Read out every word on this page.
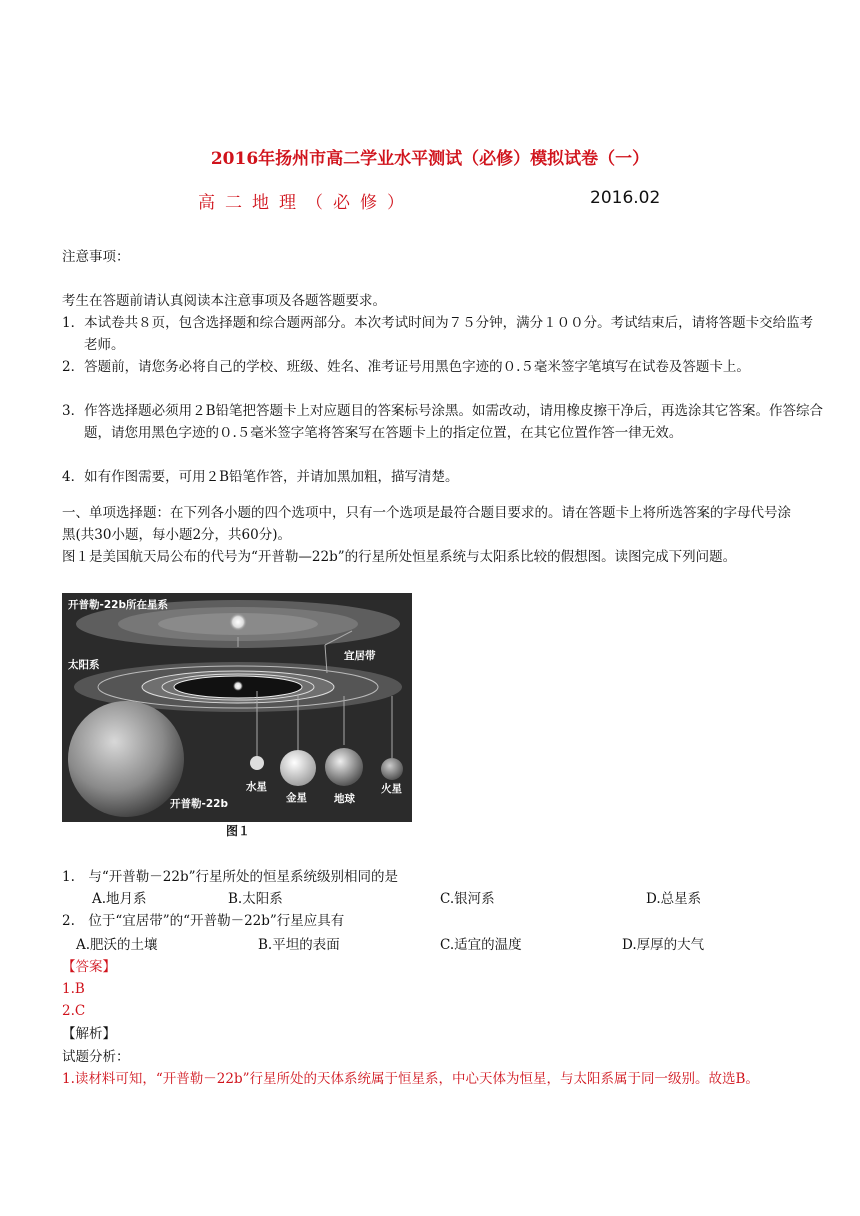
2016年扬州市高二学业水平测试（必修）模拟试卷（一）
高二地理（必修）	2016.02
注意事项：
考生在答题前请认真阅读本注意事项及各题答题要求。
1．本试卷共８页，包含选择题和综合题两部分。本次考试时间为７５分钟，满分１００分。考试结束后，请将答题卡交给监考老师。
2．答题前，请您务必将自己的学校、班级、姓名、准考证号用黑色字迹的０.５毫米签字笔填写在试卷及答题卡上。
3．作答选择题必须用２B铅笔把答题卡上对应题目的答案标号涂黑。如需改动，请用橡皮擦干净后，再选涂其它答案。作答综合题，请您用黑色字迹的０.５毫米签字笔将答案写在答题卡上的指定位置，在其它位置作答一律无效。
4．如有作图需要，可用２B铅笔作答，并请加黑加粗，描写清楚。
一、单项选择题：在下列各小题的四个选项中，只有一个选项是最符合题目要求的。请在答题卡上将所选答案的字母代号涂黑(共30小题，每小题2分，共60分)。
图１是美国航天局公布的代号为“开普勒—22b”的行星所处恒星系统与太阳系比较的假想图。读图完成下列问题。
开普勒-22b所在星系
宜居带
太阳系
开普勒-22b
水星
金星	地球
火星
图１
1.　与“开普勒－22b”行星所处的恒星系统级别相同的是
A.地月系	B.太阳系	C.银河系	D.总星系
2.　位于“宜居带”的“开普勒－22b”行星应具有
A.肥沃的土壤	B.平坦的表面	C.适宜的温度	D.厚厚的大气
【答案】
1.B
2.C
【解析】
试题分析：
1.读材料可知，“开普勒－22b”行星所处的天体系统属于恒星系，中心天体为恒星，与太阳系属于同一级别。故选B。
